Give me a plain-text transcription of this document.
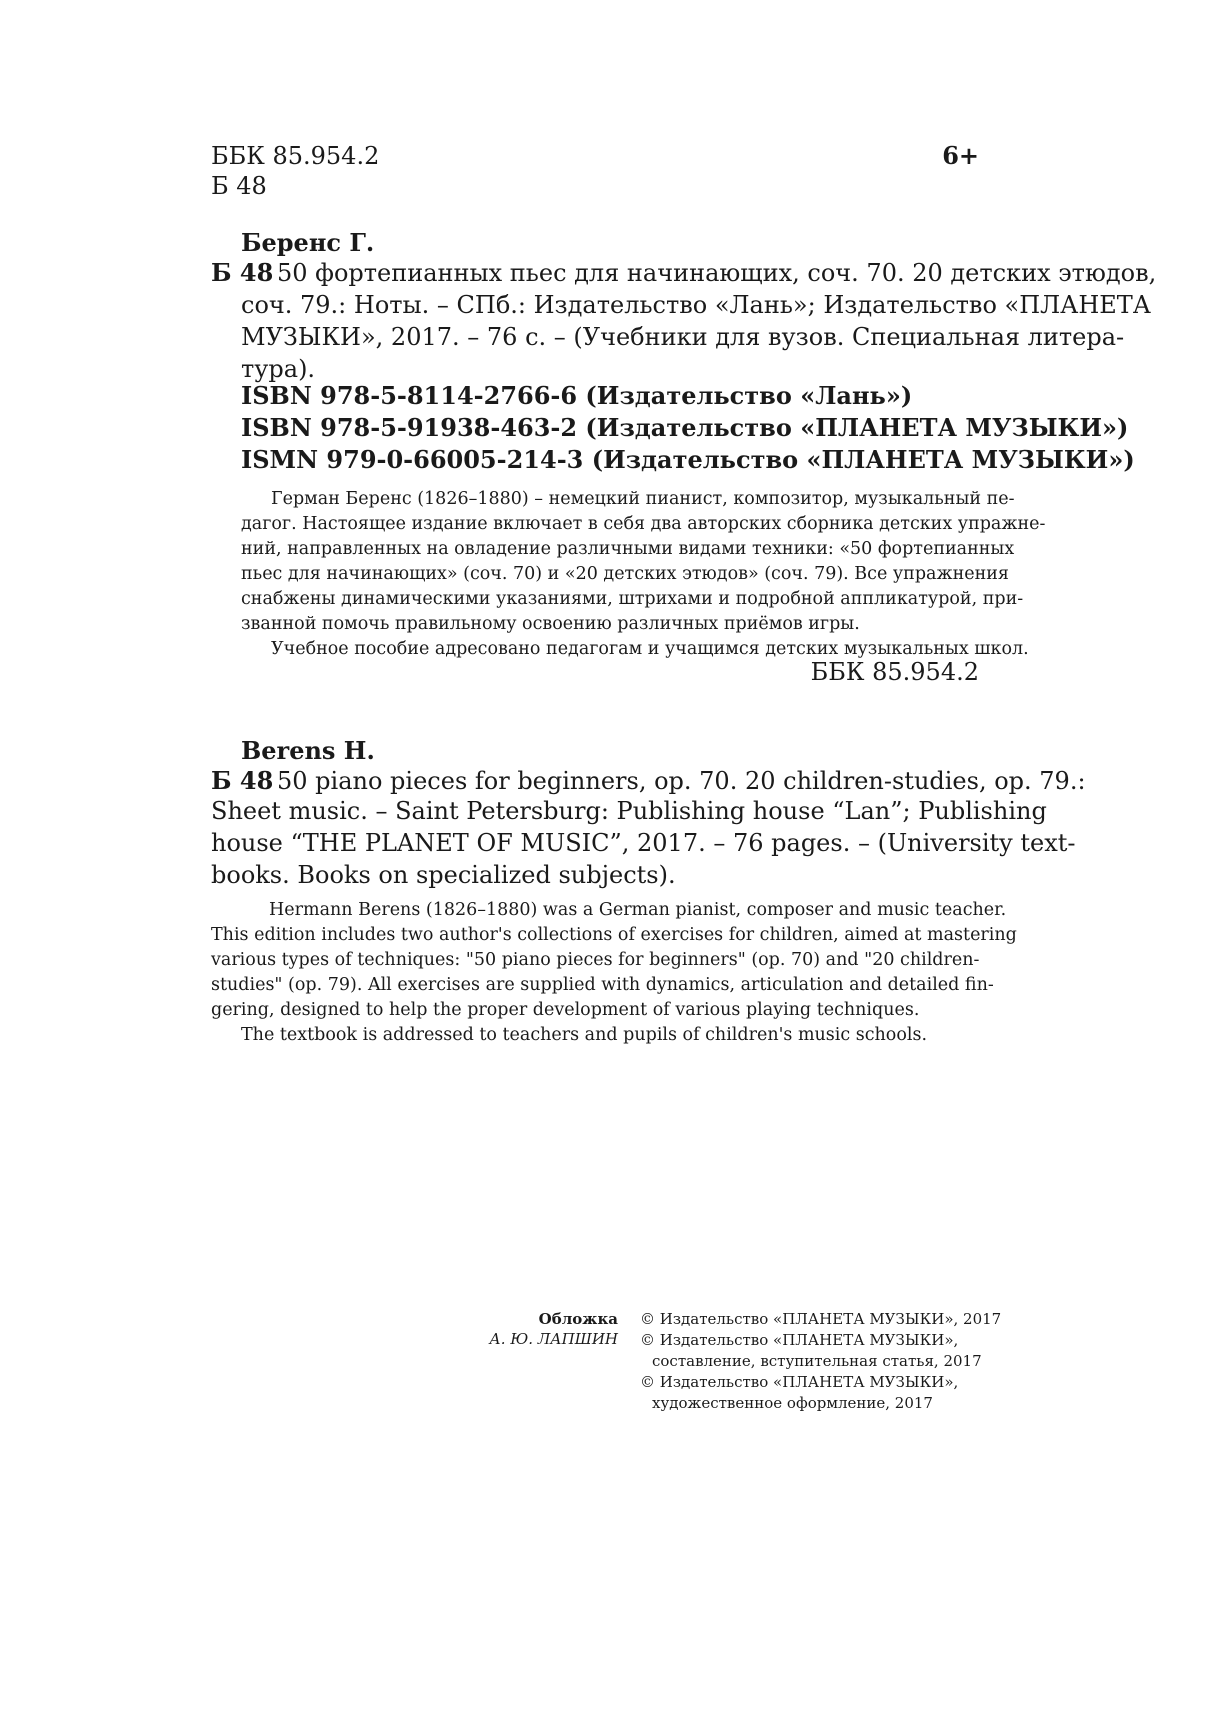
ББК 85.954.2
Б 48
6+
Беренс Г.
Б 48 50 фортепианных пьес для начинающих, соч. 70. 20 детских этюдов,
соч. 79.: Ноты. – СПб.: Издательство «Лань»; Издательство «ПЛАНЕТА
МУЗЫКИ», 2017. – 76 с. – (Учебники для вузов. Специальная литера-
тура).
ISBN 978-5-8114-2766-6 (Издательство «Лань»)
ISBN 978-5-91938-463-2 (Издательство «ПЛАНЕТА МУЗЫКИ»)
ISMN 979-0-66005-214-3 (Издательство «ПЛАНЕТА МУЗЫКИ»)
Герман Беренс (1826–1880) – немецкий пианист, композитор, музыкальный пе-
дагог. Настоящее издание включает в себя два авторских сборника детских упражне-
ний, направленных на овладение различными видами техники: «50 фортепианных
пьес для начинающих» (соч. 70) и «20 детских этюдов» (соч. 79). Все упражнения
снабжены динамическими указаниями, штрихами и подробной аппликатурой, при-
званной помочь правильному освоению различных приёмов игры.
Учебное пособие адресовано педагогам и учащимся детских музыкальных школ.
ББК 85.954.2
Berens H.
Б 48 50 piano pieces for beginners, op. 70. 20 children-studies, op. 79.:
Sheet music. – Saint Petersburg: Publishing house “Lan”; Publishing
house “THE PLANET OF MUSIC”, 2017. – 76 pages. – (University text-
books. Books on specialized subjects).
Hermann Berens (1826–1880) was a German pianist, composer and music teacher.
This edition includes two author's collections of exercises for children, aimed at mastering
various types of techniques: "50 piano pieces for beginners" (op. 70) and "20 children-
studies" (op. 79). All exercises are supplied with dynamics, articulation and detailed fin-
gering, designed to help the proper development of various playing techniques.
The textbook is addressed to teachers and pupils of children's music schools.
Обложка
А. Ю. ЛАПШИН
© Издательство «ПЛАНЕТА МУЗЫКИ», 2017
© Издательство «ПЛАНЕТА МУЗЫКИ»,
составление, вступительная статья, 2017
© Издательство «ПЛАНЕТА МУЗЫКИ»,
художественное оформление, 2017
